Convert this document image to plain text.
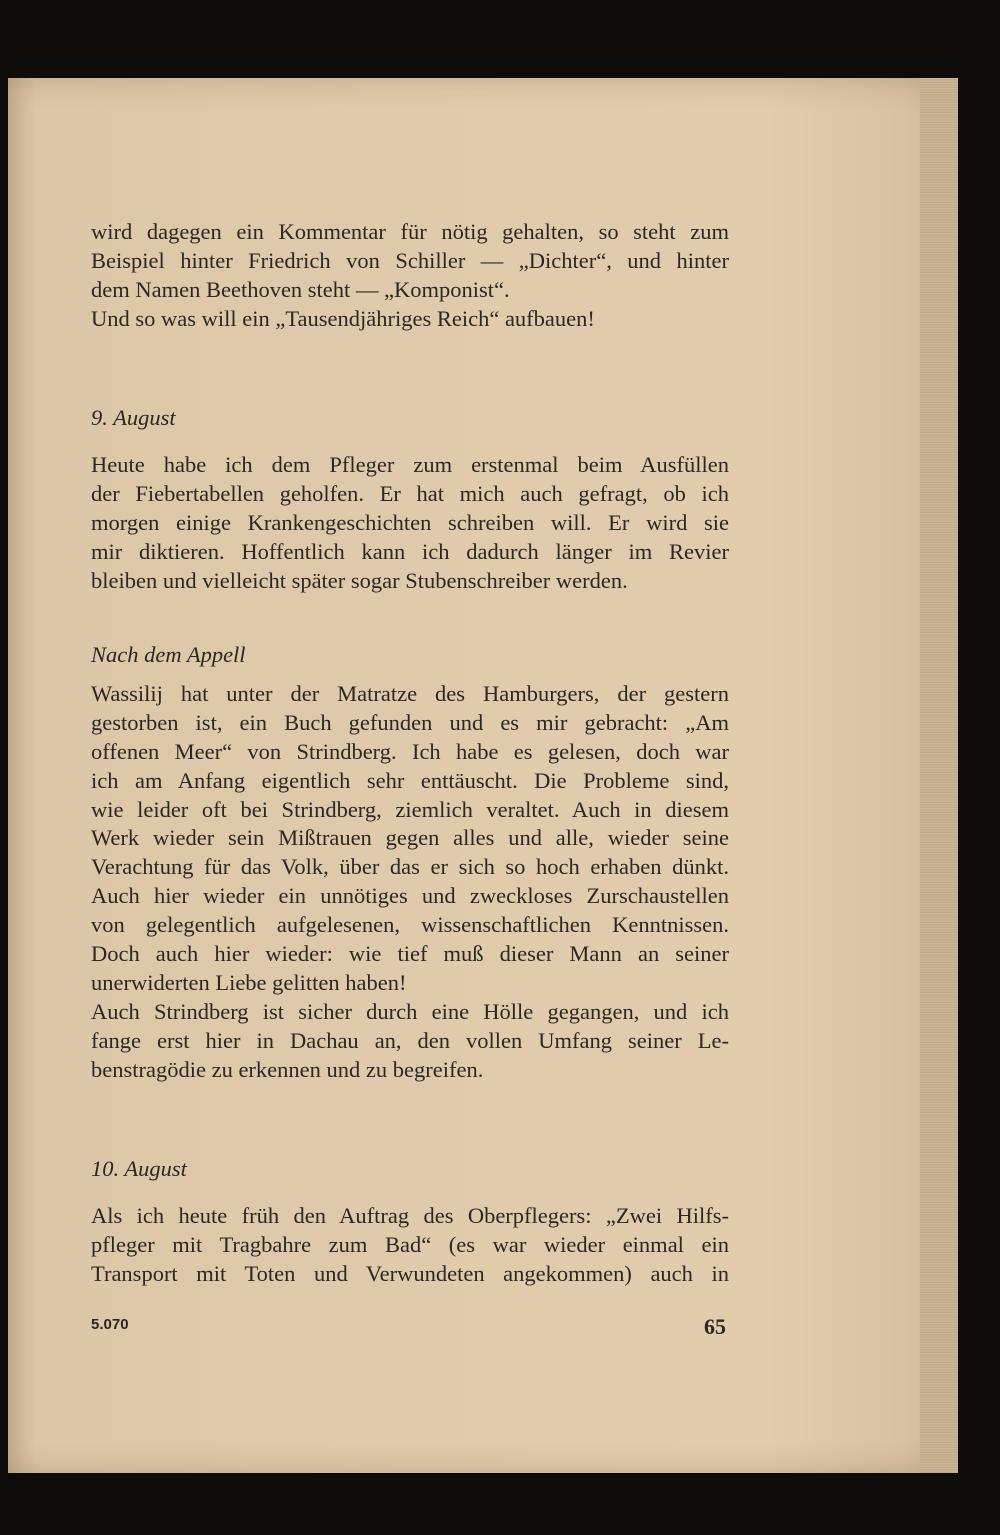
wird dagegen ein Kommentar für nötig gehalten, so steht zum
Beispiel hinter Friedrich von Schiller — „Dichter“, und hinter
dem Namen Beethoven steht — „Komponist“.
Und so was will ein „Tausendjähriges Reich“ aufbauen!
9. August
Heute habe ich dem Pfleger zum erstenmal beim Ausfüllen
der Fiebertabellen geholfen. Er hat mich auch gefragt, ob ich
morgen einige Krankengeschichten schreiben will. Er wird sie
mir diktieren. Hoffentlich kann ich dadurch länger im Revier
bleiben und vielleicht später sogar Stubenschreiber werden.
Nach dem Appell
Wassilij hat unter der Matratze des Hamburgers, der gestern
gestorben ist, ein Buch gefunden und es mir gebracht: „Am
offenen Meer“ von Strindberg. Ich habe es gelesen, doch war
ich am Anfang eigentlich sehr enttäuscht. Die Probleme sind,
wie leider oft bei Strindberg, ziemlich veraltet. Auch in diesem
Werk wieder sein Mißtrauen gegen alles und alle, wieder seine
Verachtung für das Volk, über das er sich so hoch erhaben dünkt.
Auch hier wieder ein unnötiges und zweckloses Zurschaustellen
von gelegentlich aufgelesenen, wissenschaftlichen Kenntnissen.
Doch auch hier wieder: wie tief muß dieser Mann an seiner
unerwiderten Liebe gelitten haben!
Auch Strindberg ist sicher durch eine Hölle gegangen, und ich
fange erst hier in Dachau an, den vollen Umfang seiner Le-
benstragödie zu erkennen und zu begreifen.
10. August
Als ich heute früh den Auftrag des Oberpflegers: „Zwei Hilfs-
pfleger mit Tragbahre zum Bad“ (es war wieder einmal ein
Transport mit Toten und Verwundeten angekommen) auch in
5.070	65
